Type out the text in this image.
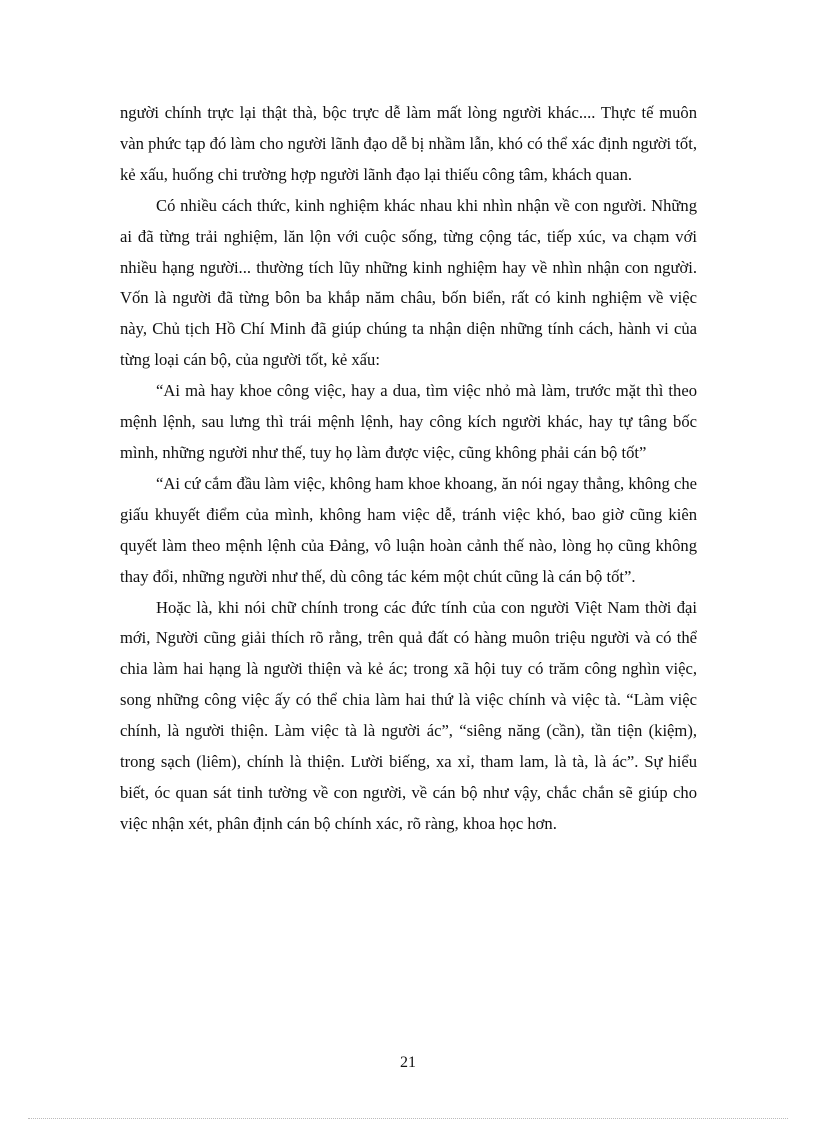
người chính trực lại thật thà, bộc trực dễ làm mất lòng người khác.... Thực tế muôn vàn phức tạp đó làm cho người lãnh đạo dễ bị nhầm lẫn, khó có thể xác định người tốt, kẻ xấu, huống chi trường hợp người lãnh đạo lại thiếu công tâm, khách quan.

Có nhiều cách thức, kinh nghiệm khác nhau khi nhìn nhận về con người. Những ai đã từng trải nghiệm, lăn lộn với cuộc sống, từng cộng tác, tiếp xúc, va chạm với nhiều hạng người... thường tích lũy những kinh nghiệm hay về nhìn nhận con người. Vốn là người đã từng bôn ba khắp năm châu, bốn biển, rất có kinh nghiệm về việc này, Chủ tịch Hồ Chí Minh đã giúp chúng ta nhận diện những tính cách, hành vi của từng loại cán bộ, của người tốt, kẻ xấu:

“Ai mà hay khoe công việc, hay a dua, tìm việc nhỏ mà làm, trước mặt thì theo mệnh lệnh, sau lưng thì trái mệnh lệnh, hay công kích người khác, hay tự tâng bốc mình, những người như thế, tuy họ làm được việc, cũng không phải cán bộ tốt”

“Ai cứ cắm đầu làm việc, không ham khoe khoang, ăn nói ngay thẳng, không che giấu khuyết điểm của mình, không ham việc dễ, tránh việc khó, bao giờ cũng kiên quyết làm theo mệnh lệnh của Đảng, vô luận hoàn cảnh thế nào, lòng họ cũng không thay đổi, những người như thế, dù công tác kém một chút cũng là cán bộ tốt”.

Hoặc là, khi nói chữ chính trong các đức tính của con người Việt Nam thời đại mới, Người cũng giải thích rõ rằng, trên quả đất có hàng muôn triệu người và có thể chia làm hai hạng là người thiện và kẻ ác; trong xã hội tuy có trăm công nghìn việc, song những công việc ấy có thể chia làm hai thứ là việc chính và việc tà. “Làm việc chính, là người thiện. Làm việc tà là người ác”, “siêng năng (cần), tần tiện (kiệm), trong sạch (liêm), chính là thiện. Lười biếng, xa xỉ, tham lam, là tà, là ác”. Sự hiểu biết, óc quan sát tinh tường về con người, về cán bộ như vậy, chắc chắn sẽ giúp cho việc nhận xét, phân định cán bộ chính xác, rõ ràng, khoa học hơn.

21
